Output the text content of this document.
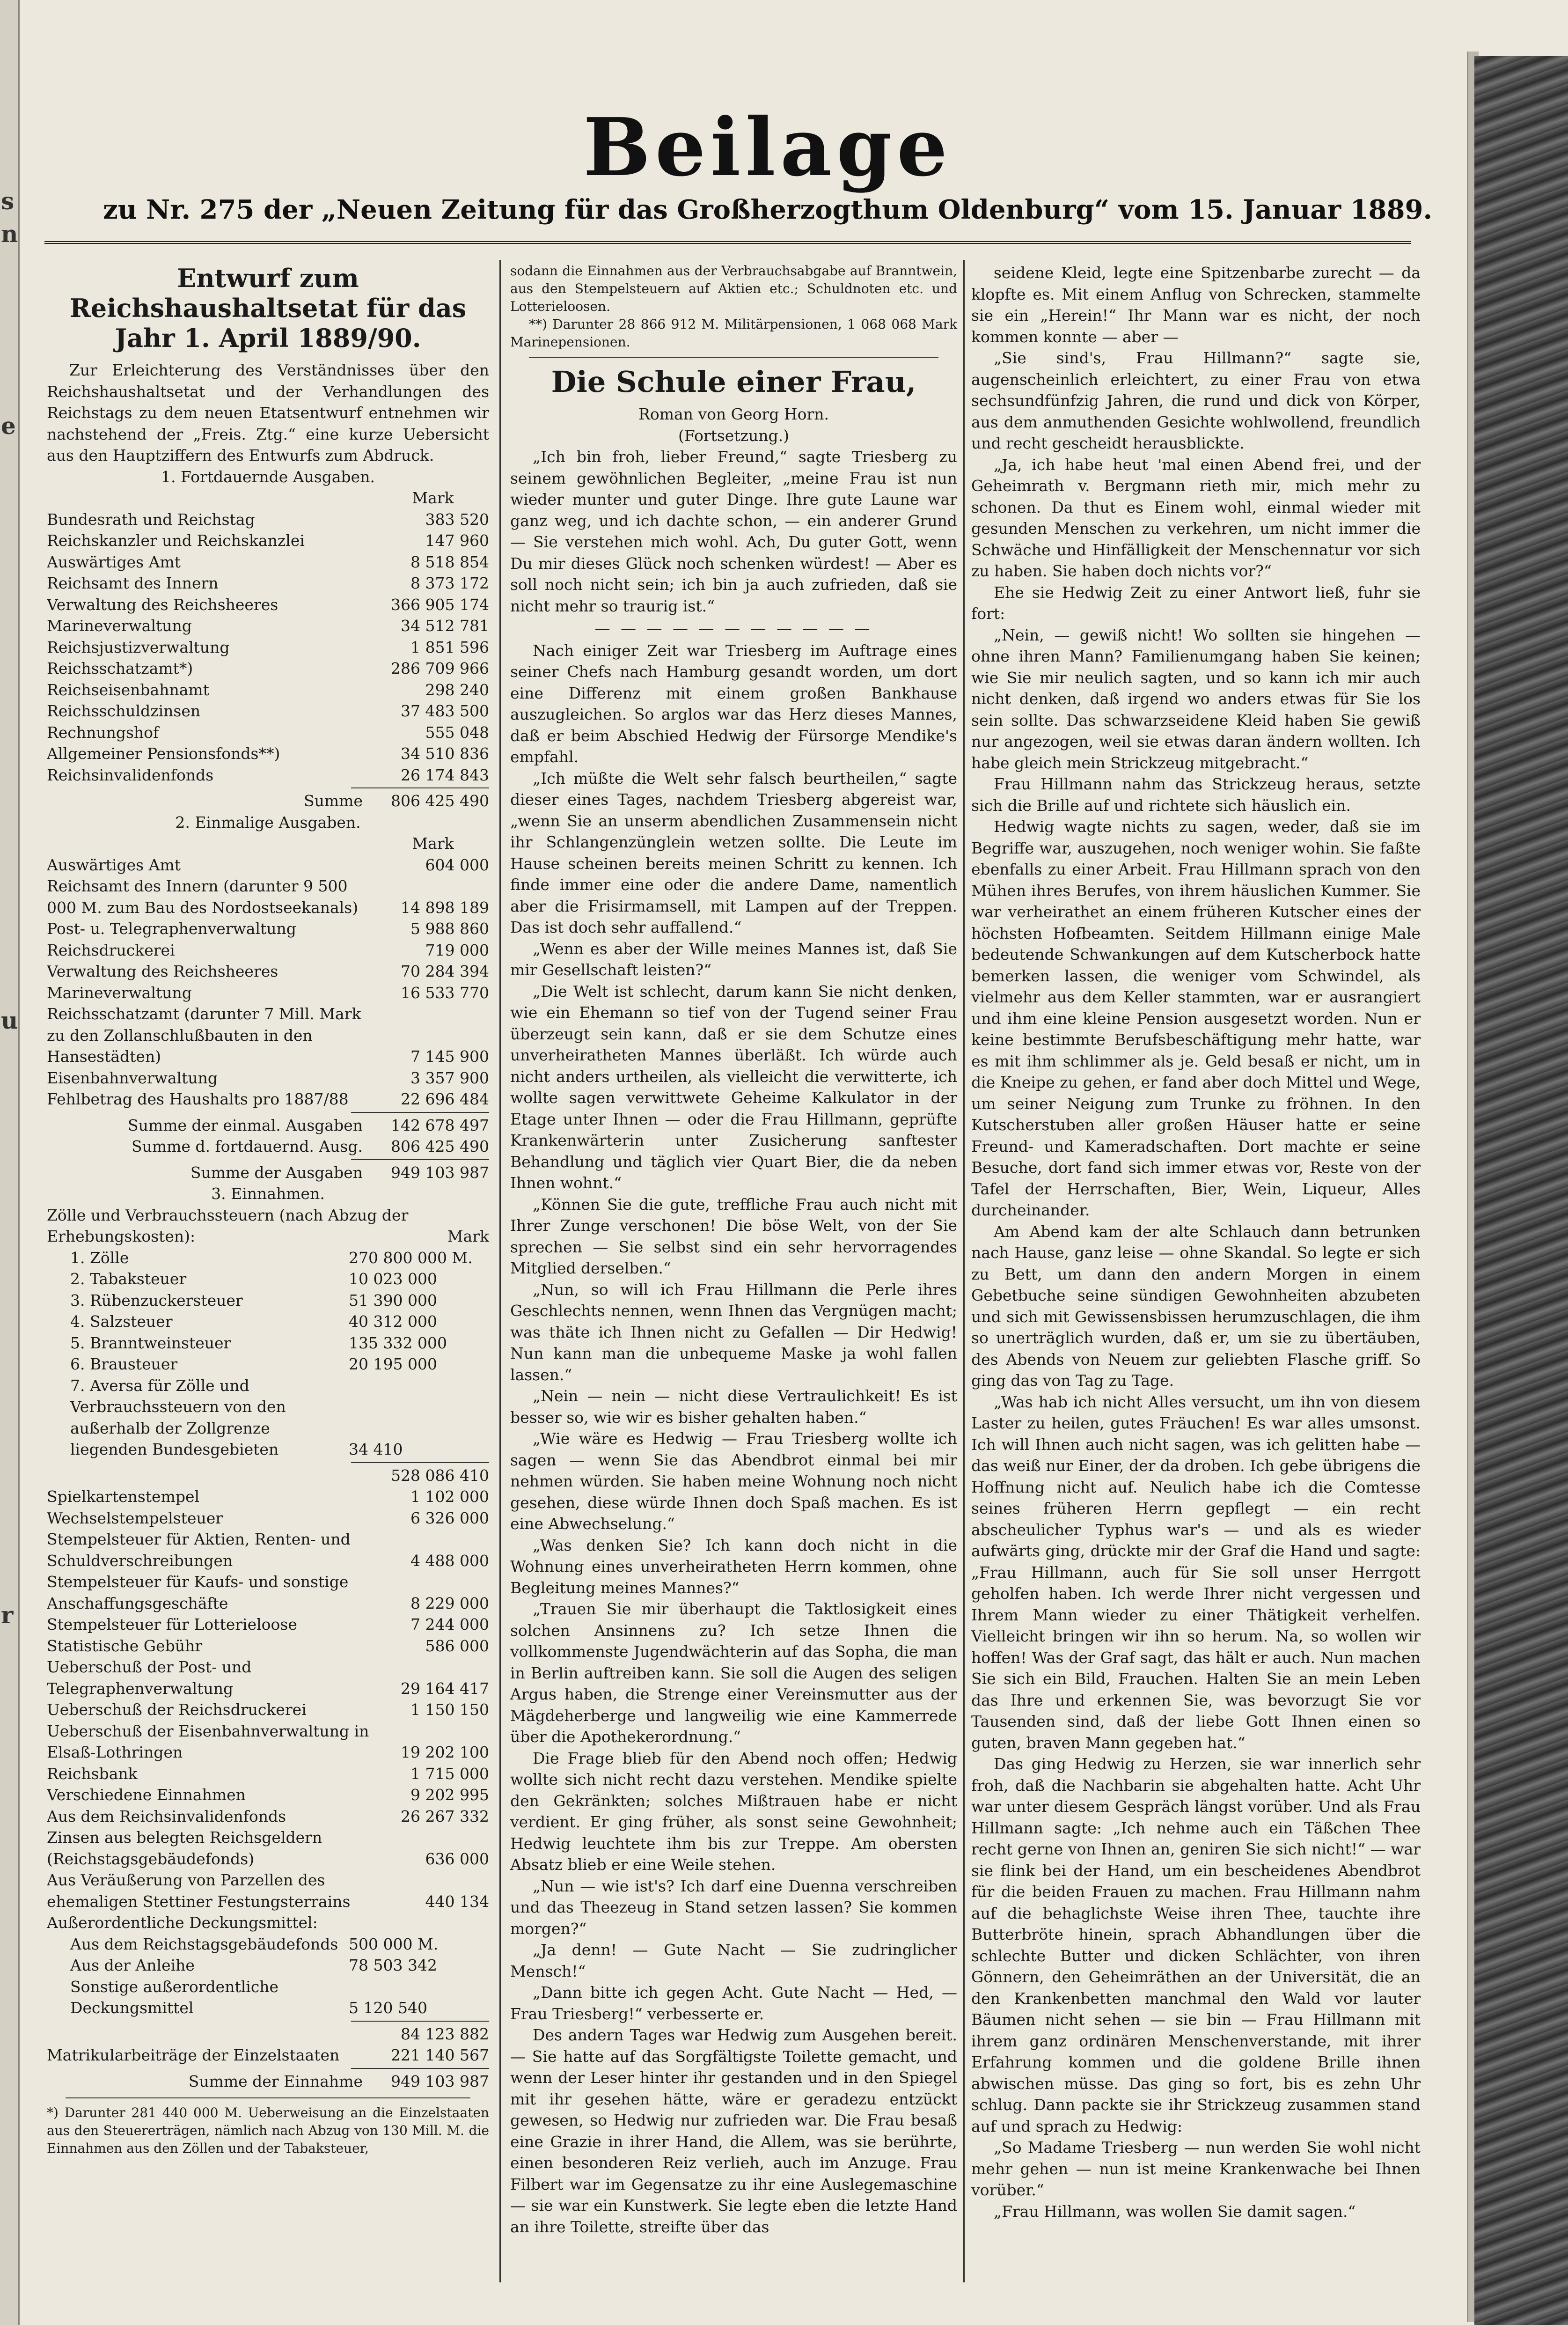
s
n
e
u
r
Beilage
zu Nr. 275 der „Neuen Zeitung für das Großherzogthum Oldenburg“ vom 15. Januar 1889.
Entwurf zum Reichshaushaltsetat für das Jahr 1. April 1889/90.

Zur Erleichterung des Verständnisses über den Reichshaushaltsetat und der Verhandlungen des Reichstags zu dem neuen Etatsentwurf entnehmen wir nachstehend der „Freis. Ztg.“ eine kurze Uebersicht aus den Hauptziffern des Entwurfs zum Abdruck.

1. Fortdauernde Ausgaben.

Mark
Bundesrath und Reichstag	383 520
Reichskanzler und Reichskanzlei	147 960
Auswärtiges Amt	8 518 854
Reichsamt des Innern	8 373 172
Verwaltung des Reichsheeres	366 905 174
Marineverwaltung	34 512 781
Reichsjustizverwaltung	1 851 596
Reichsschatzamt*)	286 709 966
Reichseisenbahnamt	298 240
Reichsschuldzinsen	37 483 500
Rechnungshof	555 048
Allgemeiner Pensionsfonds**)	34 510 836
Reichsinvalidenfonds	26 174 843
Summe	806 425 490

2. Einmalige Ausgaben.

Mark
Auswärtiges Amt	604 000
Reichsamt des Innern (darunter 9 500 000 M. zum Bau des Nordostseekanals)	14 898 189
Post- u. Telegraphenverwaltung	5 988 860
Reichsdruckerei	719 000
Verwaltung des Reichsheeres	70 284 394
Marineverwaltung	16 533 770
Reichsschatzamt (darunter 7 Mill. Mark zu den Zollanschlußbauten in den Hansestädten)	7 145 900
Eisenbahnverwaltung	3 357 900
Fehlbetrag des Haushalts pro 1887/88	22 696 484
Summe der einmal. Ausgaben	142 678 497
Summe d. fortdauernd. Ausg.	806 425 490
Summe der Ausgaben	949 103 987

3. Einnahmen.

Zölle und Verbrauchssteuern (nach Abzug der Erhebungskosten):	Mark
1. Zölle	270 800 000 M.
2. Tabaksteuer	10 023 000
3. Rübenzuckersteuer	51 390 000
4. Salzsteuer	40 312 000
5. Branntweinsteuer	135 332 000
6. Brausteuer	20 195 000
7. Aversa für Zölle und Verbrauchssteuern von den außerhalb der Zollgrenze liegenden Bundesgebieten	34 410
528 086 410
Spielkartenstempel	1 102 000
Wechselstempelsteuer	6 326 000
Stempelsteuer für Aktien, Renten- und Schuldverschreibungen	4 488 000
Stempelsteuer für Kaufs- und sonstige Anschaffungsgeschäfte	8 229 000
Stempelsteuer für Lotterieloose	7 244 000
Statistische Gebühr	586 000
Ueberschuß der Post- und Telegraphenverwaltung	29 164 417
Ueberschuß der Reichsdruckerei	1 150 150
Ueberschuß der Eisenbahnverwaltung in Elsaß-Lothringen	19 202 100
Reichsbank	1 715 000
Verschiedene Einnahmen	9 202 995
Aus dem Reichsinvalidenfonds	26 267 332
Zinsen aus belegten Reichsgeldern (Reichstagsgebäudefonds)	636 000
Aus Veräußerung von Parzellen des ehemaligen Stettiner Festungsterrains	440 134

Außerordentliche Deckungsmittel:

Aus dem Reichstagsgebäudefonds 500 000 M.
Aus der Anleihe	78 503 342
Sonstige außerordentliche Deckungsmittel	5 120 540
84 123 882
Matrikularbeiträge der Einzelstaaten	221 140 567
Summe der Einnahme	949 103 987

*) Darunter 281 440 000 M. Ueberweisung an die Einzelstaaten aus den Steuererträgen, nämlich nach Abzug von 130 Mill. M. die Einnahmen aus den Zöllen und der Tabaksteuer,

sodann die Einnahmen aus der Verbrauchsabgabe auf Branntwein, aus den Stempelsteuern auf Aktien etc.; Schuldnoten etc. und Lotterieloosen.

**) Darunter 28 866 912 M. Militärpensionen, 1 068 068 Mark Marinepensionen.

Die Schule einer Frau,

Roman von Georg Horn.

(Fortsetzung.)

„Ich bin froh, lieber Freund,“ sagte Triesberg zu seinem gewöhnlichen Begleiter, „meine Frau ist nun wieder munter und guter Dinge. Ihre gute Laune war ganz weg, und ich dachte schon, — ein anderer Grund — Sie verstehen mich wohl. Ach, Du guter Gott, wenn Du mir dieses Glück noch schenken würdest! — Aber es soll noch nicht sein; ich bin ja auch zufrieden, daß sie nicht mehr so traurig ist.“

— — — — — — — — — — —

Nach einiger Zeit war Triesberg im Auftrage eines seiner Chefs nach Hamburg gesandt worden, um dort eine Differenz mit einem großen Bankhause auszugleichen. So arglos war das Herz dieses Mannes, daß er beim Abschied Hedwig der Fürsorge Mendike's empfahl.

„Ich müßte die Welt sehr falsch beurtheilen,“ sagte dieser eines Tages, nachdem Triesberg abgereist war, „wenn Sie an unserm abendlichen Zusammensein nicht ihr Schlangenzünglein wetzen sollte. Die Leute im Hause scheinen bereits meinen Schritt zu kennen. Ich finde immer eine oder die andere Dame, namentlich aber die Frisirmamsell, mit Lampen auf der Treppen. Das ist doch sehr auffallend.“

„Wenn es aber der Wille meines Mannes ist, daß Sie mir Gesellschaft leisten?“

„Die Welt ist schlecht, darum kann Sie nicht denken, wie ein Ehemann so tief von der Tugend seiner Frau überzeugt sein kann, daß er sie dem Schutze eines unverheiratheten Mannes überläßt. Ich würde auch nicht anders urtheilen, als vielleicht die verwitterte, ich wollte sagen verwittwete Geheime Kalkulator in der Etage unter Ihnen — oder die Frau Hillmann, geprüfte Krankenwärterin unter Zusicherung sanftester Behandlung und täglich vier Quart Bier, die da neben Ihnen wohnt.“

„Können Sie die gute, treffliche Frau auch nicht mit Ihrer Zunge verschonen! Die böse Welt, von der Sie sprechen — Sie selbst sind ein sehr hervorragendes Mitglied derselben.“

„Nun, so will ich Frau Hillmann die Perle ihres Geschlechts nennen, wenn Ihnen das Vergnügen macht; was thäte ich Ihnen nicht zu Gefallen — Dir Hedwig! Nun kann man die unbequeme Maske ja wohl fallen lassen.“

„Nein — nein — nicht diese Vertraulichkeit! Es ist besser so, wie wir es bisher gehalten haben.“

„Wie wäre es Hedwig — Frau Triesberg wollte ich sagen — wenn Sie das Abendbrot einmal bei mir nehmen würden. Sie haben meine Wohnung noch nicht gesehen, diese würde Ihnen doch Spaß machen. Es ist eine Abwechselung.“

„Was denken Sie? Ich kann doch nicht in die Wohnung eines unverheiratheten Herrn kommen, ohne Begleitung meines Mannes?“

„Trauen Sie mir überhaupt die Taktlosigkeit eines solchen Ansinnens zu? Ich setze Ihnen die vollkommenste Jugendwächterin auf das Sopha, die man in Berlin auftreiben kann. Sie soll die Augen des seligen Argus haben, die Strenge einer Vereinsmutter aus der Mägdeherberge und langweilig wie eine Kammerrede über die Apothekerordnung.“

Die Frage blieb für den Abend noch offen; Hedwig wollte sich nicht recht dazu verstehen. Mendike spielte den Gekränkten; solches Mißtrauen habe er nicht verdient. Er ging früher, als sonst seine Gewohnheit; Hedwig leuchtete ihm bis zur Treppe. Am obersten Absatz blieb er eine Weile stehen.

„Nun — wie ist's? Ich darf eine Duenna verschreiben und das Theezeug in Stand setzen lassen? Sie kommen morgen?“

„Ja denn! — Gute Nacht — Sie zudringlicher Mensch!“

„Dann bitte ich gegen Acht. Gute Nacht — Hed, — Frau Triesberg!“ verbesserte er.

Des andern Tages war Hedwig zum Ausgehen bereit. — Sie hatte auf das Sorgfältigste Toilette gemacht, und wenn der Leser hinter ihr gestanden und in den Spiegel mit ihr gesehen hätte, wäre er geradezu entzückt gewesen, so Hedwig nur zufrieden war. Die Frau besaß eine Grazie in ihrer Hand, die Allem, was sie berührte, einen besonderen Reiz verlieh, auch im Anzuge. Frau Filbert war im Gegensatze zu ihr eine Auslegemaschine — sie war ein Kunstwerk. Sie legte eben die letzte Hand an ihre Toilette, streifte über das

seidene Kleid, legte eine Spitzenbarbe zurecht — da klopfte es. Mit einem Anflug von Schrecken, stammelte sie ein „Herein!“ Ihr Mann war es nicht, der noch kommen konnte — aber —

„Sie sind's, Frau Hillmann?“ sagte sie, augenscheinlich erleichtert, zu einer Frau von etwa sechsundfünfzig Jahren, die rund und dick von Körper, aus dem anmuthenden Gesichte wohlwollend, freundlich und recht gescheidt herausblickte.

„Ja, ich habe heut 'mal einen Abend frei, und der Geheimrath v. Bergmann rieth mir, mich mehr zu schonen. Da thut es Einem wohl, einmal wieder mit gesunden Menschen zu verkehren, um nicht immer die Schwäche und Hinfälligkeit der Menschennatur vor sich zu haben. Sie haben doch nichts vor?“

Ehe sie Hedwig Zeit zu einer Antwort ließ, fuhr sie fort:

„Nein, — gewiß nicht! Wo sollten sie hingehen — ohne ihren Mann? Familienumgang haben Sie keinen; wie Sie mir neulich sagten, und so kann ich mir auch nicht denken, daß irgend wo anders etwas für Sie los sein sollte. Das schwarzseidene Kleid haben Sie gewiß nur angezogen, weil sie etwas daran ändern wollten. Ich habe gleich mein Strickzeug mitgebracht.“

Frau Hillmann nahm das Strickzeug heraus, setzte sich die Brille auf und richtete sich häuslich ein.

Hedwig wagte nichts zu sagen, weder, daß sie im Begriffe war, auszugehen, noch weniger wohin. Sie faßte ebenfalls zu einer Arbeit. Frau Hillmann sprach von den Mühen ihres Berufes, von ihrem häuslichen Kummer. Sie war verheirathet an einem früheren Kutscher eines der höchsten Hofbeamten. Seitdem Hillmann einige Male bedeutende Schwankungen auf dem Kutscherbock hatte bemerken lassen, die weniger vom Schwindel, als vielmehr aus dem Keller stammten, war er ausrangiert und ihm eine kleine Pension ausgesetzt worden. Nun er keine bestimmte Berufsbeschäftigung mehr hatte, war es mit ihm schlimmer als je. Geld besaß er nicht, um in die Kneipe zu gehen, er fand aber doch Mittel und Wege, um seiner Neigung zum Trunke zu fröhnen. In den Kutscherstuben aller großen Häuser hatte er seine Freund- und Kameradschaften. Dort machte er seine Besuche, dort fand sich immer etwas vor, Reste von der Tafel der Herrschaften, Bier, Wein, Liqueur, Alles durcheinander.

Am Abend kam der alte Schlauch dann betrunken nach Hause, ganz leise — ohne Skandal. So legte er sich zu Bett, um dann den andern Morgen in einem Gebetbuche seine sündigen Gewohnheiten abzubeten und sich mit Gewissensbissen herumzuschlagen, die ihm so unerträglich wurden, daß er, um sie zu übertäuben, des Abends von Neuem zur geliebten Flasche griff. So ging das von Tag zu Tage.

„Was hab ich nicht Alles versucht, um ihn von diesem Laster zu heilen, gutes Fräuchen! Es war alles umsonst. Ich will Ihnen auch nicht sagen, was ich gelitten habe — das weiß nur Einer, der da droben. Ich gebe übrigens die Hoffnung nicht auf. Neulich habe ich die Comtesse seines früheren Herrn gepflegt — ein recht abscheulicher Typhus war's — und als es wieder aufwärts ging, drückte mir der Graf die Hand und sagte: „Frau Hillmann, auch für Sie soll unser Herrgott geholfen haben. Ich werde Ihrer nicht vergessen und Ihrem Mann wieder zu einer Thätigkeit verhelfen. Vielleicht bringen wir ihn so herum. Na, so wollen wir hoffen! Was der Graf sagt, das hält er auch. Nun machen Sie sich ein Bild, Frauchen. Halten Sie an mein Leben das Ihre und erkennen Sie, was bevorzugt Sie vor Tausenden sind, daß der liebe Gott Ihnen einen so guten, braven Mann gegeben hat.“

Das ging Hedwig zu Herzen, sie war innerlich sehr froh, daß die Nachbarin sie abgehalten hatte. Acht Uhr war unter diesem Gespräch längst vorüber. Und als Frau Hillmann sagte: „Ich nehme auch ein Täßchen Thee recht gerne von Ihnen an, geniren Sie sich nicht!“ — war sie flink bei der Hand, um ein bescheidenes Abendbrot für die beiden Frauen zu machen. Frau Hillmann nahm auf die behaglichste Weise ihren Thee, tauchte ihre Butterbröte hinein, sprach Abhandlungen über die schlechte Butter und dicken Schlächter, von ihren Gönnern, den Geheimräthen an der Universität, die an den Krankenbetten manchmal den Wald vor lauter Bäumen nicht sehen — sie bin — Frau Hillmann mit ihrem ganz ordinären Menschenverstande, mit ihrer Erfahrung kommen und die goldene Brille ihnen abwischen müsse. Das ging so fort, bis es zehn Uhr schlug. Dann packte sie ihr Strickzeug zusammen stand auf und sprach zu Hedwig:

„So Madame Triesberg — nun werden Sie wohl nicht mehr gehen — nun ist meine Krankenwache bei Ihnen vorüber.“

„Frau Hillmann, was wollen Sie damit sagen.“
